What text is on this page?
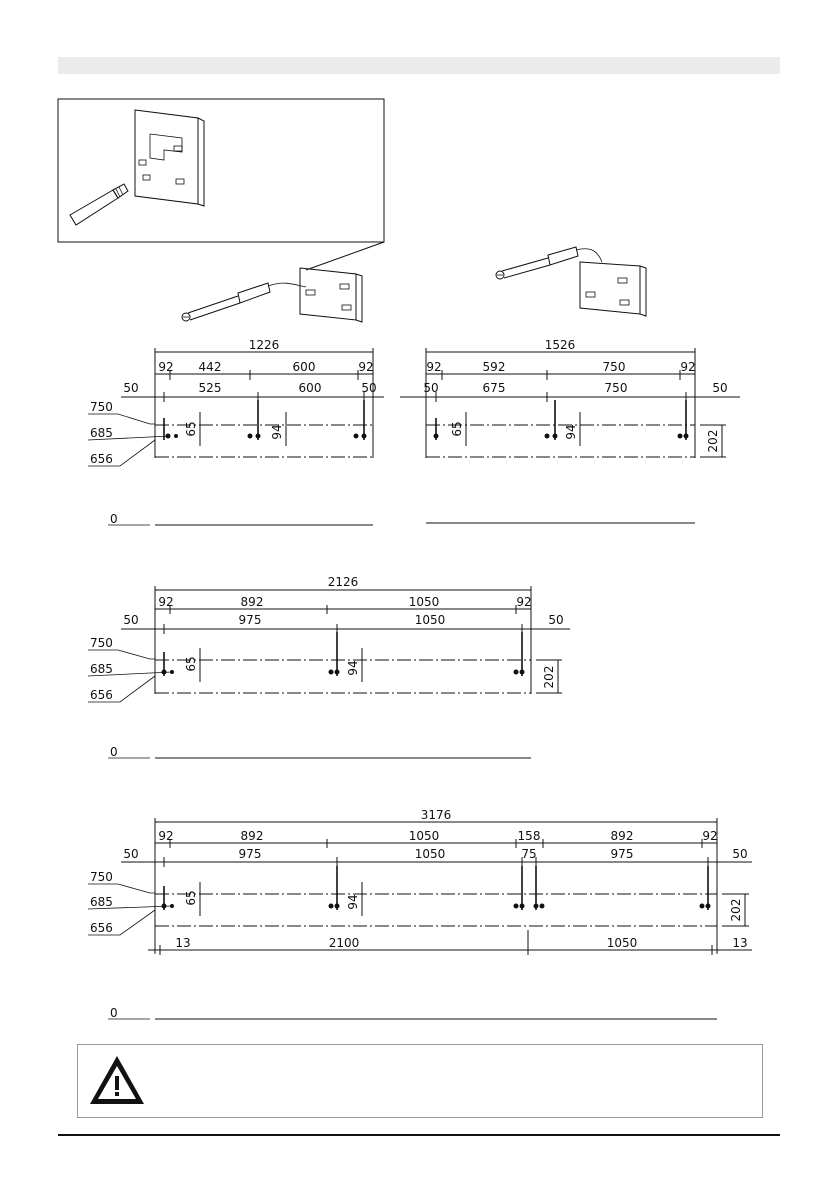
1226
92 442	600	92
50	525	600	50
65	94
750
685
656
0
1526
92	592	750	92
50	675	750	50
65	94	202
2126
92	892	1050	92
50	975	1050	50
65	94	202
750
685
656
0
3176
92	892	1050	158	892	92
50	975	1050	75	975	50
65	94	202
13	2100	1050	13
750
685
656
0
